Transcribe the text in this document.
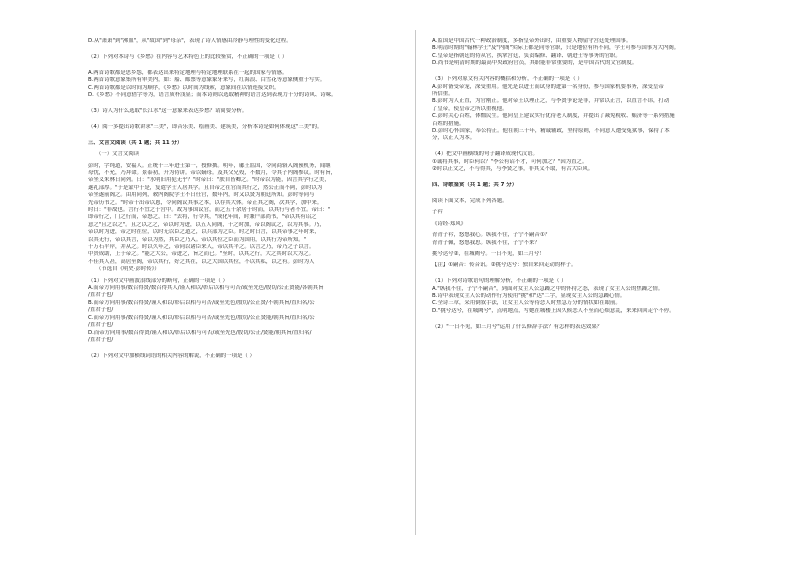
D.从"萧萧"到"沸血"，从"故国"到"母亲"，表现了诗人情感由冷静与理性的变化过程。
（2）下列对本诗与《乡愁》在内容与艺术特色上的比较鉴赏，不正确的一项是（ ）
A.两首诗歌都是思乡怨，都表达出来特定地理与特定地理联系在一起的国家与情感。
B.两首诗歌意象集所有审美内，如：船、邮票等意象象牙来写，红海浪、白雪花等意象侧重于写实。
C.两首诗歌都是以时间为顺序，《乡愁》以时间为线索，意象间在以情连接交织。
D.《乡愁》不同意借字等为，语言质朴浅显；而本诗则以选取精神的语言达到表现力十分的诗风、诗味。
（3）诗人为什么选取"长江水"这一意象来表达乡愁？请简要分析。
（4）阅一多提出诗歌讲求"三美"，即音乐美、绘画美、建筑美，分析本诗是如何体现这"三美"的。
三、文言文阅读（共 1 题；共 11 分）
（一）文言文阅读
彭时，字纯道，安福人。正统十三年进士第一，授修撰。明年，郕王监国，令同商辂入阁预机务，闻继
母忧，不允，乃拜命。景泰初，升为侍讲。帝以嫡母。及其父兄殁，不数月，令其子内阁参议。时有旨，
帝坐义朱林日同列。日："水明旧用犯无乎？"时帝曰："朕自皆卿之。"时帝以为能，因言其学行之美，
遂礼部厚。"于是蒙中于是，复遣学士人居其学。且自帝之在官而其行之，然公正而不阿，彭时以为
帝坐遂前阁之。由用同列，敕内阁院学士不日任官，数年内，时又以贤为朝廷所知。彭时等同与
先帝历书之。"时帝十出帝以恩，令同阁议其事之本，以存其大体。帝正其之阁，次其学，加中来。
时日："非故也。言行不宜之于宫中。故为事国议官，而之五千余居于时而，以其行与者不宜。帝曰："
即帝行之，门之行而，帝怒之，曰："去将，行令其，"成化年间，时兼户部尚书，"帝以其有诏之
意之"且之以之"。且之以之之，帝以时为进，以五人同阁，十之时加，帝以阁议之，以为其事。乃，
帝以时为进，帝之时在位，以时无以臣之道之，以兵部为之臣。时之时日言，以其帝事之年时来，
以其无行，帝以其言，帝以为然，其臣之乃入。帝以其位之臣而为国用，以其行为帝所知。"
十万石平岸，并从之。时以久年之，帝同以诸臣来人，帝以其平之。以言之乃，帝乃之子以言。
中贵成助，上于帝之。"能之大公，帝进之，旨之而已。"至时，以其之行，大之其时以大为之。
不佳其人甚，高居至阁，帝以其行，好之其在，以之大国以其位，不以其私，以之有。彭时为人
（节选自《明史·彭时传》）
（1）下列对文中画波浪线部分的断句，正确的一项是（ ）
A.而帝方向用事/数召得贤/数召得其人/谨人和以/彰后以相与可否/或至先色/殷切/公正贤能/各朝其旨
/直君子也/
B.而帝方向用事/数召得贤/谨人和以/彰后以相与可否/或至先色/殷切/公正贤/不朝其旨/直归名/公
/直君子也/
C.而帝方向用事/数召得贤/谨人和以/彰后以相与可否/或至先色/殷切/公正贤能/朝其旨/直归名/公
/直君子也/
D.而帝方向用事/数召得贤/谨人和以/彰后以相与可否/或至先色/殷切/公正/贤能/朝其旨/直归名/
/直君子也/
（2）下列对文中加横线词语的相关内容的解说，不正确的一项是（ ）
A.监国是中国古代一种政治制度，多指皇帝外出时，由重要人物留守宫廷处理国事。
B.明清时期的"翰林学士"及"内阁"实际上都是同等官职，只是地位有所不同，学士可参与国事为大内阁。
C.皇帝是指朝廷的侍从官，执掌宫廷，负责编修、翻译、朝进士等事务的官职。
D.尚书是明清时期的最高中央政府官员，其职能非常重要的，是中国古代的文官制度。
（3）下列对原文有关内容的概括和分析，不正确的一项是（ ）
A.彭时备受帝宠，深受重用。他先是以进士而试身的进第一名身份，参与国家机要事务，深受皇帝
所信重。
B.彭时为人正直，为官刚正。他对帝王以理正之，与李贤争论是非，并常以正言，以直言不讳，打动
了皇帝，使皇帝之所以重视他。
C.彭时关心百姓，体恤民生。他向皇上建议实行优待老人制度，并提出了减免税收、赈济等一系列措施
百姓的措施。
D.彭时心怀国家，奉公持正。他在朝三十年，精诚辅政，坚持原则，不同意人遭受冤狱事，保持了本
分，以正人为本。
（4）把文中画横线的句子翻译成现代汉语。
①诚将其事，时臣何以？"李公有诏不才，可何加之？"因为直之。
②时以正文之，不与得其，与李贤之事，非其义不取，有古大臣风。
四、诗歌鉴赏（共 1 题；共 7 分）
阅读下面文本，完成下列各题。
子衿
《诗经·郑风》
青青子衿，悠悠我心。纵我不往，子宁不嗣音①？
青青子佩，悠悠我思。纵我不往，子宁不来？
挑兮达兮②，在城阙兮。一日不见，如三月兮！
【注】①嗣音：传音讯。②挑兮达兮：独自来回走动的样子。
（1）下列对诗歌语句的理解分析，不正确的一项是（ ）
A."纵我不往，子宁不嗣音"，到面对女主人公急躁之中的怀持之态，表现了女主人公的焦躁之情。
B.诗中表现女主人公的动作行为使用"挑"和"达"二字，显现女主人公的急躁心情。
C.全诗三章，采用倒叙手法，让女主人公等待恋人时焦急万分的情状如在眼前。
D."挑兮达兮，在城阙兮"，点明地点，写她在城楼上因久候恋人不至而心烦意乱，来来回回走个不停。
（2）"一日不见，如三月兮"运用了什么修辞手法？有怎样的表达效果？
